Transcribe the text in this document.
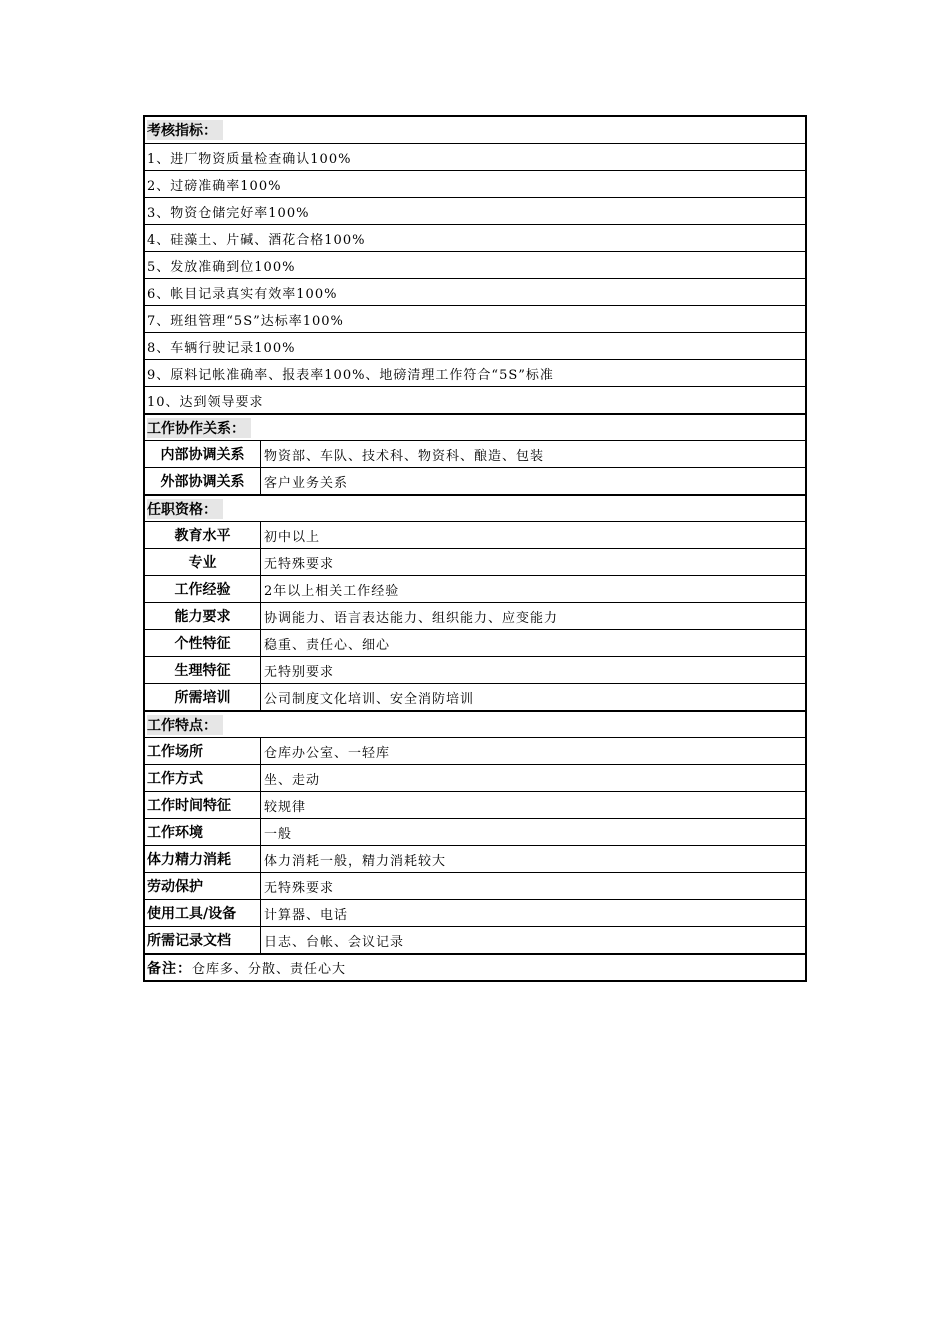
考核指标：
1、进厂物资质量检查确认100%
2、过磅准确率100%
3、物资仓储完好率100%
4、硅藻土、片碱、酒花合格100%
5、发放准确到位100%
6、帐目记录真实有效率100%
7、班组管理“5S”达标率100%
8、车辆行驶记录100%
9、原料记帐准确率、报表率100%、地磅清理工作符合“5S”标准
10、达到领导要求
工作协作关系：
内部协调关系	物资部、车队、技术科、物资科、酿造、包装
外部协调关系	客户业务关系
任职资格：
教育水平	初中以上
专业	无特殊要求
工作经验	2年以上相关工作经验
能力要求	协调能力、语言表达能力、组织能力、应变能力
个性特征	稳重、责任心、细心
生理特征	无特别要求
所需培训	公司制度文化培训、安全消防培训
工作特点：
工作场所	仓库办公室、一轻库
工作方式	坐、走动
工作时间特征	较规律
工作环境	一般
体力精力消耗	体力消耗一般，精力消耗较大
劳动保护	无特殊要求
使用工具/设备	计算器、电话
所需记录文档	日志、台帐、会议记录
备注： 仓库多、分散、责任心大
